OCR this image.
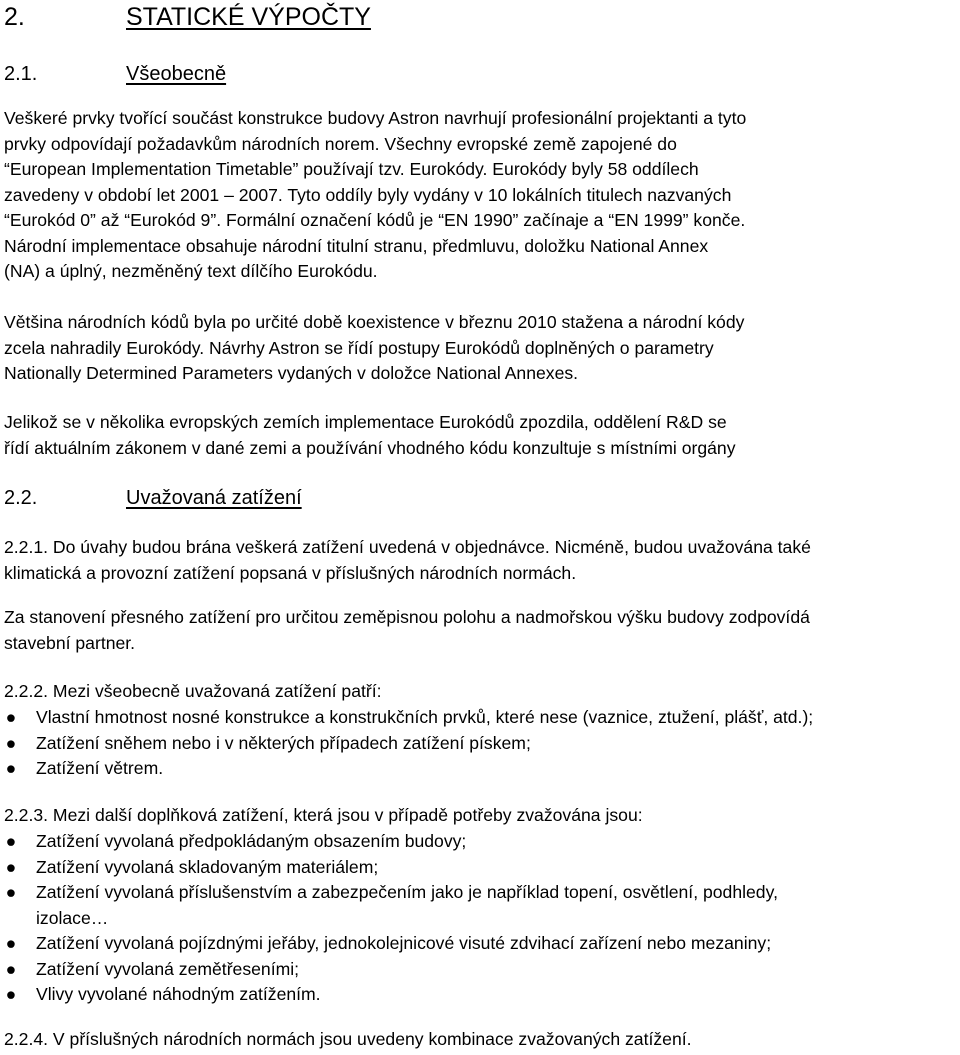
2.	STATICKÉ VÝPOČTY
2.1.	Všeobecně

Veškeré prvky tvořící součást konstrukce budovy Astron navrhují profesionální projektanti a tyto
prvky odpovídají požadavkům národních norem. Všechny evropské země zapojené do
“European Implementation Timetable” používají tzv. Eurokódy. Eurokódy byly 58 oddílech
zavedeny v období let 2001 – 2007. Tyto oddíly byly vydány v 10 lokálních titulech nazvaných
“Eurokód 0” až “Eurokód 9”. Formální označení kódů je “EN 1990” začínaje a “EN 1999” konče.
Národní implementace obsahuje národní titulní stranu, předmluvu, doložku National Annex
(NA) a úplný, nezměněný text dílčího Eurokódu.

Většina národních kódů byla po určité době koexistence v březnu 2010 stažena a národní kódy
zcela nahradily Eurokódy. Návrhy Astron se řídí postupy Eurokódů doplněných o parametry
Nationally Determined Parameters vydaných v doložce National Annexes.

Jelikož se v několika evropských zemích implementace Eurokódů zpozdila, oddělení R&D se
řídí aktuálním zákonem v dané zemi a používání vhodného kódu konzultuje s místními orgány

2.2.	Uvažovaná zatížení

2.2.1. Do úvahy budou brána veškerá zatížení uvedená v objednávce. Nicméně, budou uvažována také
klimatická a provozní zatížení popsaná v příslušných národních normách.

Za stanovení přesného zatížení pro určitou zeměpisnou polohu a nadmořskou výšku budovy zodpovídá
stavební partner.

2.2.2. Mezi všeobecně uvažovaná zatížení patří:

● Vlastní hmotnost nosné konstrukce a konstrukčních prvků, které nese (vaznice, ztužení, plášť, atd.);
● Zatížení sněhem nebo i v některých případech zatížení pískem;
● Zatížení větrem.

2.2.3. Mezi další doplňková zatížení, která jsou v případě potřeby zvažována jsou:

● Zatížení vyvolaná předpokládaným obsazením budovy;
● Zatížení vyvolaná skladovaným materiálem;
● Zatížení vyvolaná příslušenstvím a zabezpečením jako je například topení, osvětlení, podhledy,
izolace…
● Zatížení vyvolaná pojízdnými jeřáby, jednokolejnicové visuté zdvihací zařízení nebo mezaniny;
● Zatížení vyvolaná zemětřeseními;
● Vlivy vyvolané náhodným zatížením.

2.2.4. V příslušných národních normách jsou uvedeny kombinace zvažovaných zatížení.
